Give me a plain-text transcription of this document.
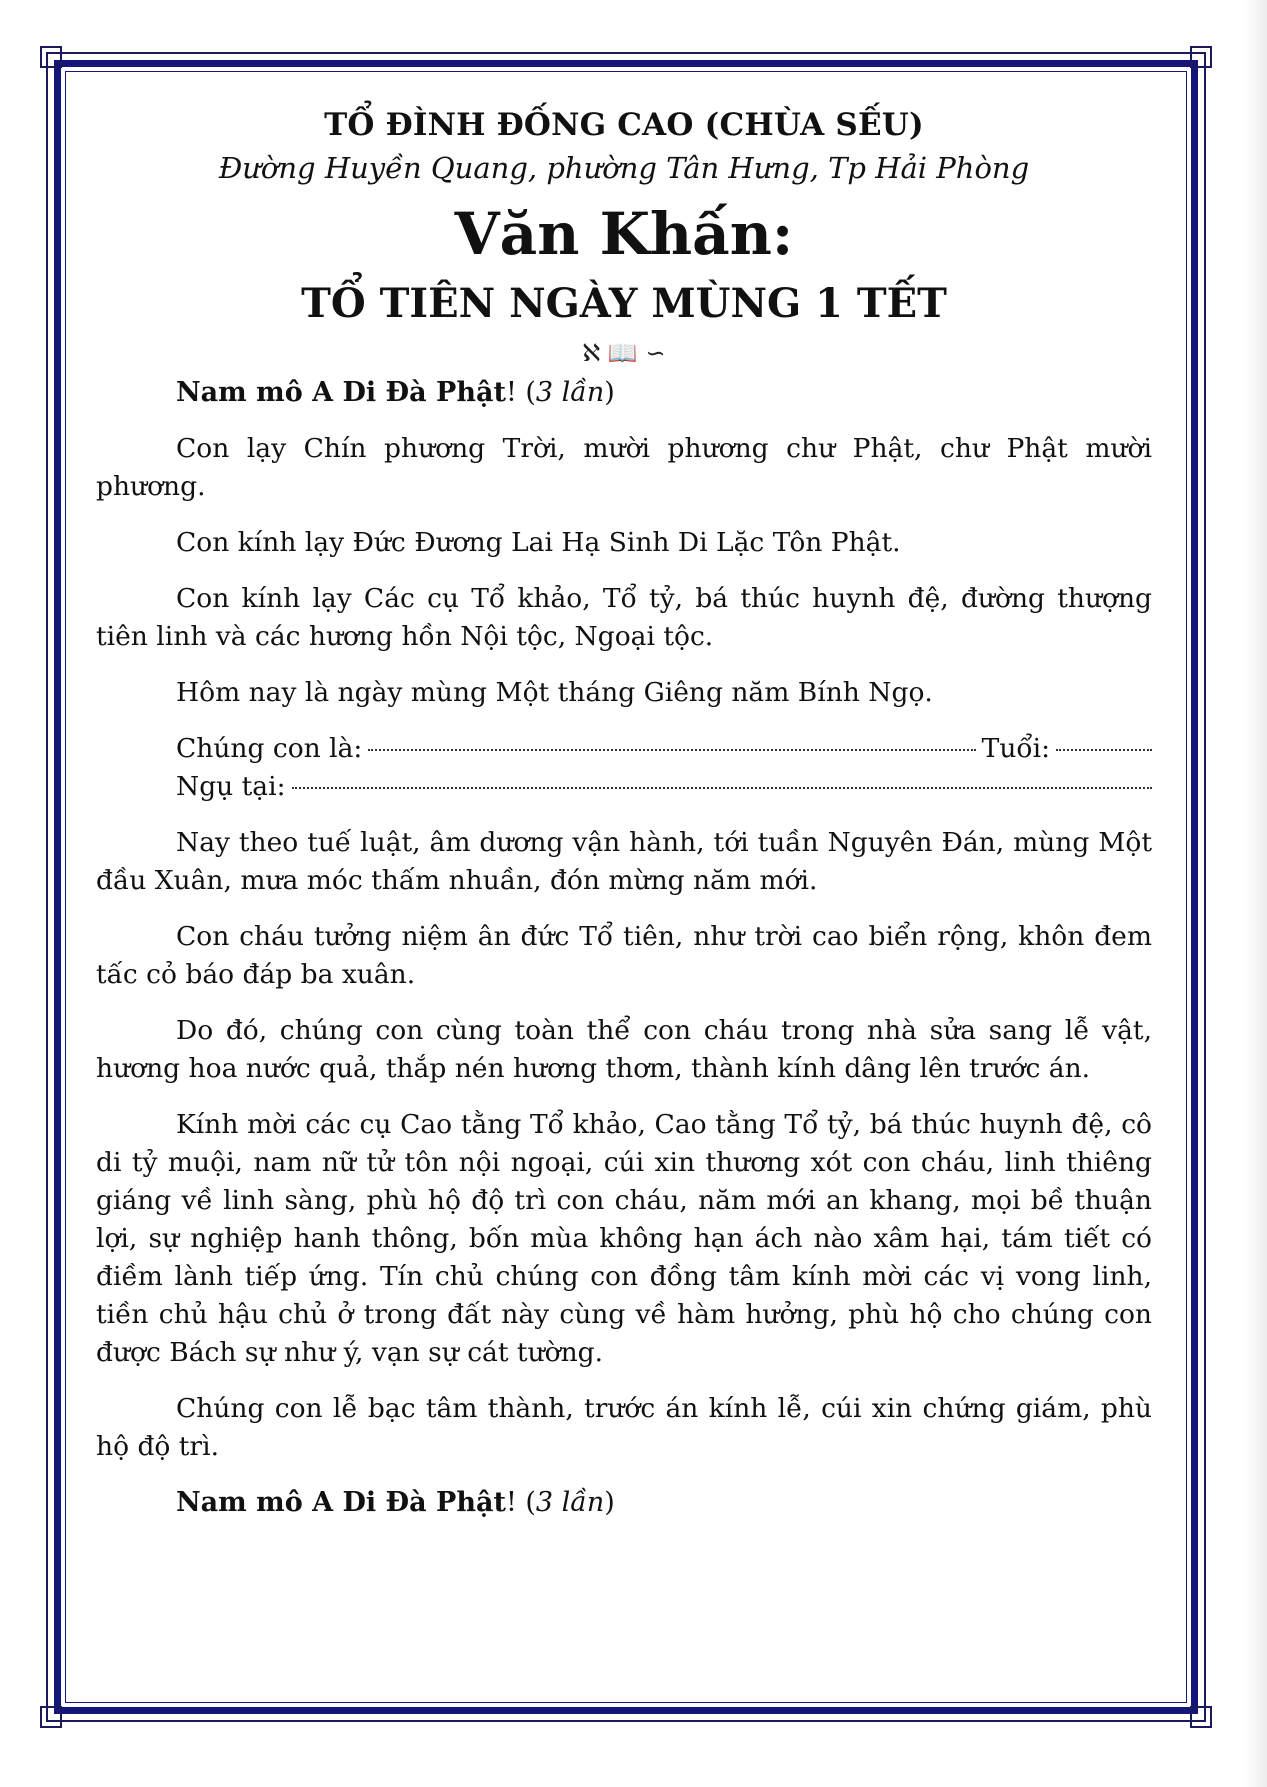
TỔ ĐÌNH ĐỐNG CAO (CHÙA SẾU)
Đường Huyền Quang, phường Tân Hưng, Tp Hải Phòng
Văn Khấn:
TỔ TIÊN NGÀY MÙNG 1 TẾT
ℵ 📖 ∽

Nam mô A Di Đà Phật! (3 lần)

Con lạy Chín phương Trời, mười phương chư Phật, chư Phật mười phương.

Con kính lạy Đức Đương Lai Hạ Sinh Di Lặc Tôn Phật.

Con kính lạy Các cụ Tổ khảo, Tổ tỷ, bá thúc huynh đệ, đường thượng tiên linh và các hương hồn Nội tộc, Ngoại tộc.

Hôm nay là ngày mùng Một tháng Giêng năm Bính Ngọ.

Chúng con là:	Tuổi:
Ngụ tại:

Nay theo tuế luật, âm dương vận hành, tới tuần Nguyên Đán, mùng Một đầu Xuân, mưa móc thấm nhuần, đón mừng năm mới.

Con cháu tưởng niệm ân đức Tổ tiên, như trời cao biển rộng, khôn đem tấc cỏ báo đáp ba xuân.

Do đó, chúng con cùng toàn thể con cháu trong nhà sửa sang lễ vật, hương hoa nước quả, thắp nén hương thơm, thành kính dâng lên trước án.

Kính mời các cụ Cao tằng Tổ khảo, Cao tằng Tổ tỷ, bá thúc huynh đệ, cô di tỷ muội, nam nữ tử tôn nội ngoại, cúi xin thương xót con cháu, linh thiêng giáng về linh sàng, phù hộ độ trì con cháu, năm mới an khang, mọi bề thuận lợi, sự nghiệp hanh thông, bốn mùa không hạn ách nào xâm hại, tám tiết có điềm lành tiếp ứng. Tín chủ chúng con đồng tâm kính mời các vị vong linh, tiền chủ hậu chủ ở trong đất này cùng về hàm hưởng, phù hộ cho chúng con được Bách sự như ý, vạn sự cát tường.

Chúng con lễ bạc tâm thành, trước án kính lễ, cúi xin chứng giám, phù hộ độ trì.

Nam mô A Di Đà Phật! (3 lần)
